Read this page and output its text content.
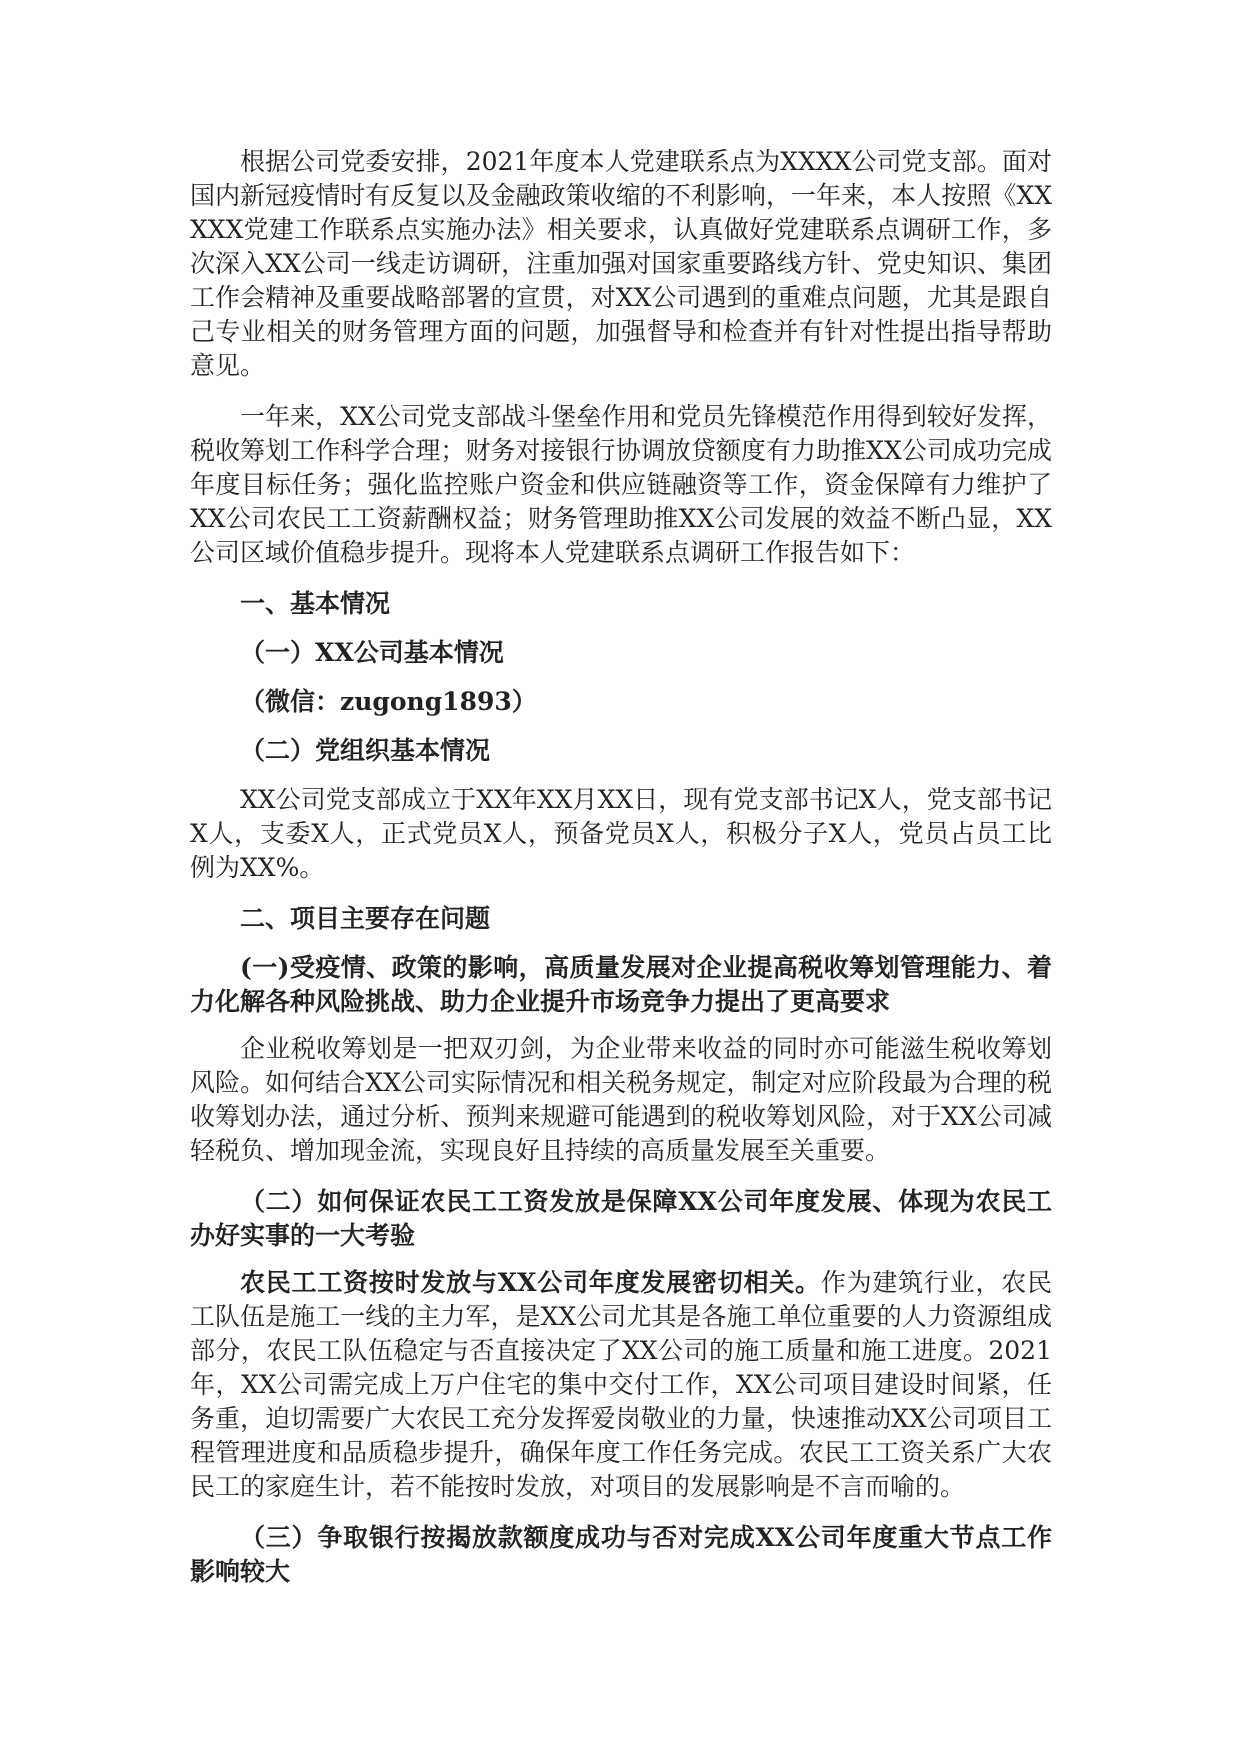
根据公司党委安排，2021年度本人党建联系点为XXXX公司党支部。面对国内新冠疫情时有反复以及金融政策收缩的不利影响，一年来，本人按照《XXXXX党建工作联系点实施办法》相关要求，认真做好党建联系点调研工作，多次深入XX公司一线走访调研，注重加强对国家重要路线方针、党史知识、集团工作会精神及重要战略部署的宣贯，对XX公司遇到的重难点问题，尤其是跟自己专业相关的财务管理方面的问题，加强督导和检查并有针对性提出指导帮助意见。

一年来，XX公司党支部战斗堡垒作用和党员先锋模范作用得到较好发挥，税收筹划工作科学合理；财务对接银行协调放贷额度有力助推XX公司成功完成年度目标任务；强化监控账户资金和供应链融资等工作，资金保障有力维护了XX公司农民工工资薪酬权益；财务管理助推XX公司发展的效益不断凸显，XX公司区域价值稳步提升。现将本人党建联系点调研工作报告如下：

一、基本情况

（一）XX公司基本情况

（微信：zugong1893）

（二）党组织基本情况

XX公司党支部成立于XX年XX月XX日，现有党支部书记X人，党支部书记X人，支委X人，正式党员X人，预备党员X人，积极分子X人，党员占员工比例为XX%。

二、项目主要存在问题

(一)受疫情、政策的影响，高质量发展对企业提高税收筹划管理能力、着力化解各种风险挑战、助力企业提升市场竞争力提出了更高要求

企业税收筹划是一把双刃剑，为企业带来收益的同时亦可能滋生税收筹划风险。如何结合XX公司实际情况和相关税务规定，制定对应阶段最为合理的税收筹划办法，通过分析、预判来规避可能遇到的税收筹划风险，对于XX公司减轻税负、增加现金流，实现良好且持续的高质量发展至关重要。

（二）如何保证农民工工资发放是保障XX公司年度发展、体现为农民工办好实事的一大考验

农民工工资按时发放与XX公司年度发展密切相关。作为建筑行业，农民工队伍是施工一线的主力军，是XX公司尤其是各施工单位重要的人力资源组成部分，农民工队伍稳定与否直接决定了XX公司的施工质量和施工进度。2021年，XX公司需完成上万户住宅的集中交付工作，XX公司项目建设时间紧，任务重，迫切需要广大农民工充分发挥爱岗敬业的力量，快速推动XX公司项目工程管理进度和品质稳步提升，确保年度工作任务完成。农民工工资关系广大农民工的家庭生计，若不能按时发放，对项目的发展影响是不言而喻的。

（三）争取银行按揭放款额度成功与否对完成XX公司年度重大节点工作影响较大
